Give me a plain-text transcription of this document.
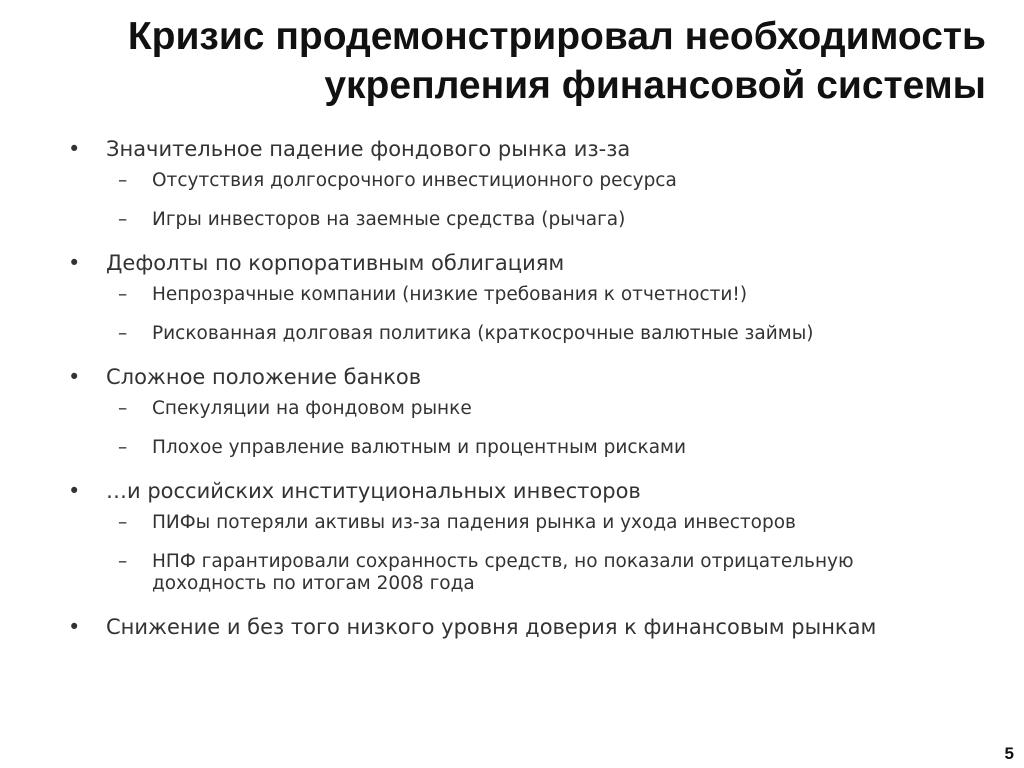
Кризис продемонстрировал необходимость
укрепления финансовой системы
• Значительное падение фондового рынка из-за
– Отсутствия долгосрочного инвестиционного ресурса
– Игры инвесторов на заемные средства (рычага)
• Дефолты по корпоративным облигациям
– Непрозрачные компании (низкие требования к отчетности!)
– Рискованная долговая политика (краткосрочные валютные займы)
• Сложное положение банков
– Спекуляции на фондовом рынке
– Плохое управление валютным и процентным рисками
• …и российских институциональных инвесторов
– ПИФы потеряли активы из-за падения рынка и ухода инвесторов
– НПФ гарантировали сохранность средств, но показали отрицательную доходность по итогам 2008 года
• Снижение и без того низкого уровня доверия к финансовым рынкам
5
